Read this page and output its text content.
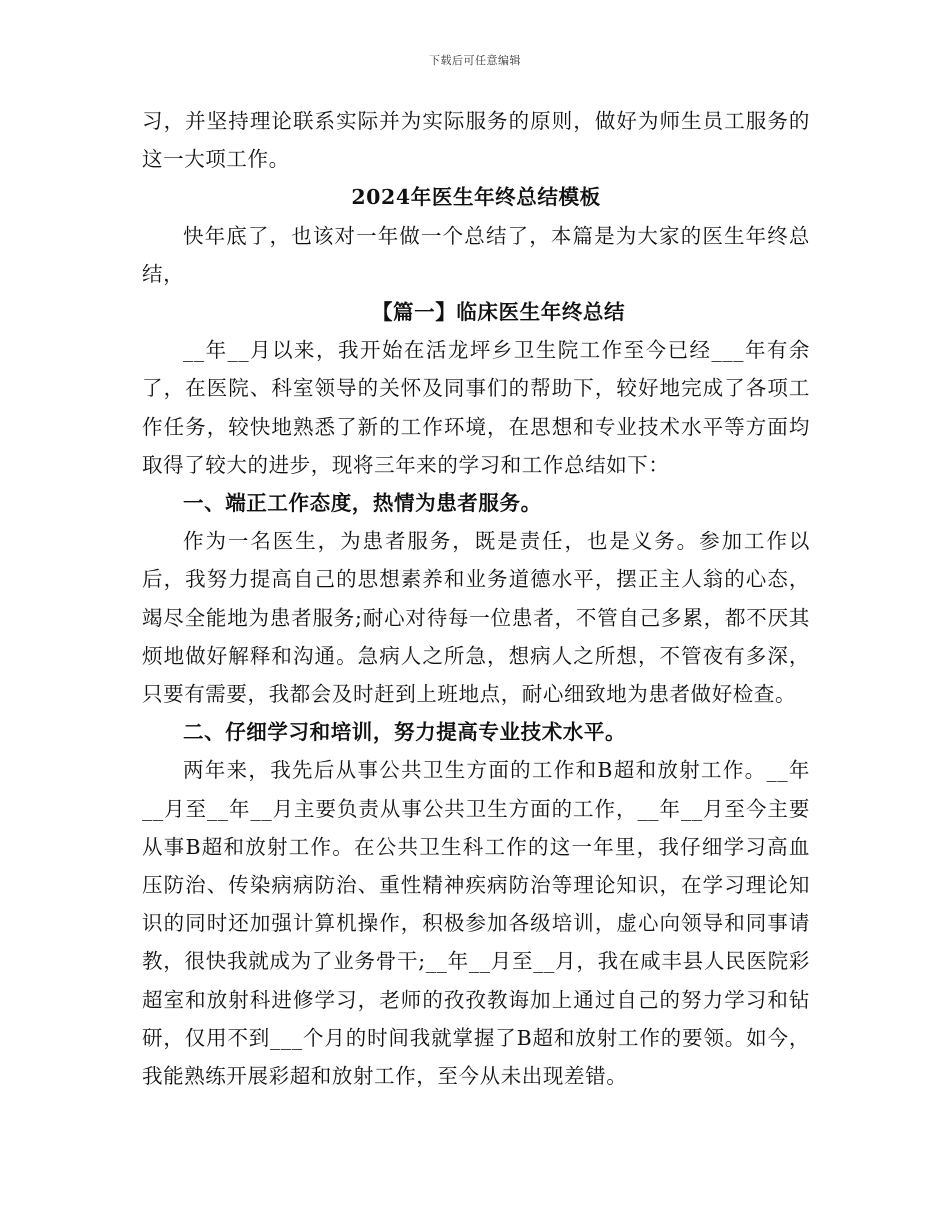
下载后可任意编辑

习，并坚持理论联系实际并为实际服务的原则，做好为师生员工服务的这一大项工作。

2024年医生年终总结模板

快年底了，也该对一年做一个总结了，本篇是为大家的医生年终总结，

【篇一】临床医生年终总结

__年__月以来，我开始在活龙坪乡卫生院工作至今已经___年有余了，在医院、科室领导的关怀及同事们的帮助下，较好地完成了各项工作任务，较快地熟悉了新的工作环境，在思想和专业技术水平等方面均取得了较大的进步，现将三年来的学习和工作总结如下：

一、端正工作态度，热情为患者服务。

作为一名医生，为患者服务，既是责任，也是义务。参加工作以后，我努力提高自己的思想素养和业务道德水平，摆正主人翁的心态，竭尽全能地为患者服务;耐心对待每一位患者，不管自己多累，都不厌其烦地做好解释和沟通。急病人之所急，想病人之所想，不管夜有多深，只要有需要，我都会及时赶到上班地点，耐心细致地为患者做好检查。

二、仔细学习和培训，努力提高专业技术水平。

两年来，我先后从事公共卫生方面的工作和B超和放射工作。__年__月至__年__月主要负责从事公共卫生方面的工作，__年__月至今主要从事B超和放射工作。在公共卫生科工作的这一年里，我仔细学习高血压防治、传染病病防治、重性精神疾病防治等理论知识，在学习理论知识的同时还加强计算机操作，积极参加各级培训，虚心向领导和同事请教，很快我就成为了业务骨干;__年__月至__月，我在咸丰县人民医院彩超室和放射科进修学习，老师的孜孜教诲加上通过自己的努力学习和钻研，仅用不到___个月的时间我就掌握了B超和放射工作的要领。如今，我能熟练开展彩超和放射工作，至今从未出现差错。
